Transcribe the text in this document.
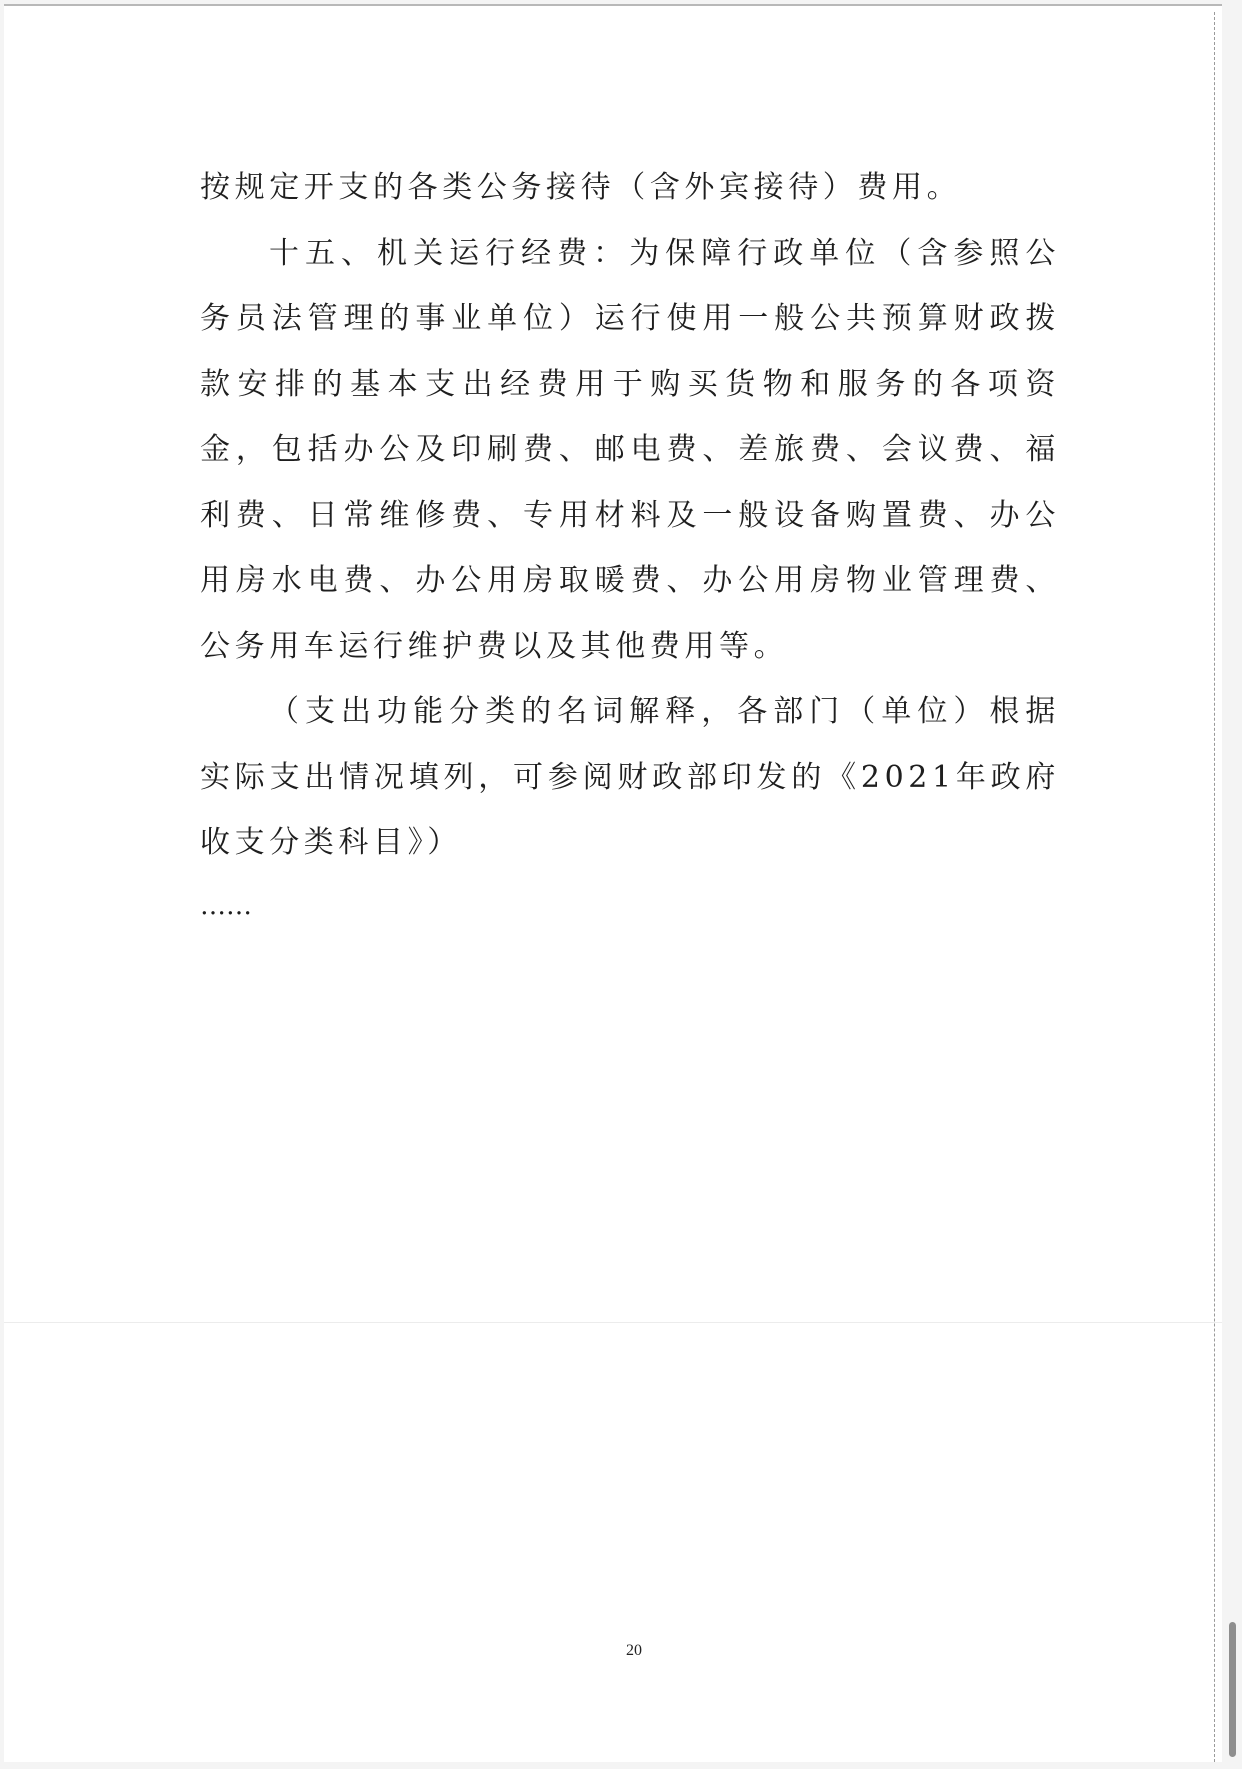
按规定开支的各类公务接待（含外宾接待）费用。

十五、机关运行经费：为保障行政单位（含参照公务员法管理的事业单位）运行使用一般公共预算财政拨款安排的基本支出经费用于购买货物和服务的各项资金，包括办公及印刷费、邮电费、差旅费、会议费、福利费、日常维修费、专用材料及一般设备购置费、办公用房水电费、办公用房取暖费、办公用房物业管理费、公务用车运行维护费以及其他费用等。

（支出功能分类的名词解释，各部门（单位）根据实际支出情况填列，可参阅财政部印发的《2021年政府收支分类科目》）

……

20
